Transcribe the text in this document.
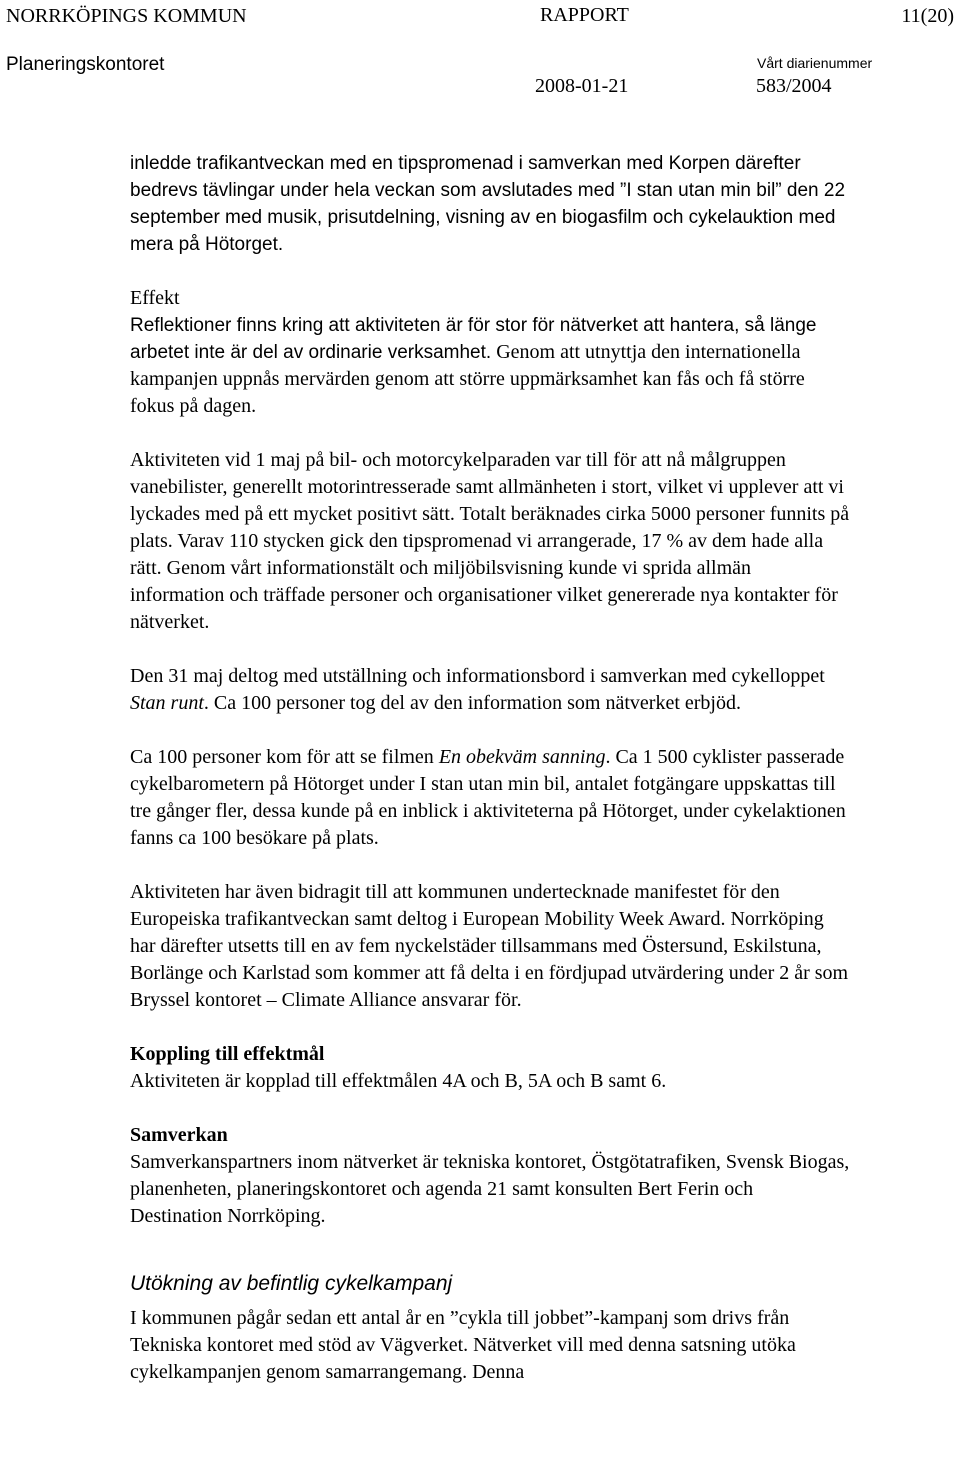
NORRKÖPINGS KOMMUN	RAPPORT	11(20)
Planeringskontoret	Vårt diarienummer
2008-01-21	583/2004

inledde trafikantveckan med en tipspromenad i samverkan med Korpen därefter bedrevs tävlingar under hela veckan som avslutades med ”I stan utan min bil” den 22 september med musik, prisutdelning, visning av en biogasfilm och cykelauktion med mera på Hötorget.

Effekt

Reflektioner finns kring att aktiviteten är för stor för nätverket att hantera, så länge arbetet inte är del av ordinarie verksamhet. Genom att utnyttja den internationella kampanjen uppnås mervärden genom att större uppmärksamhet kan fås och få större fokus på dagen.

Aktiviteten vid 1 maj på bil- och motorcykelparaden var till för att nå målgruppen vanebilister, generellt motorintresserade samt allmänheten i stort, vilket vi upplever att vi lyckades med på ett mycket positivt sätt. Totalt beräknades cirka 5000 personer funnits på plats. Varav 110 stycken gick den tipspromenad vi arrangerade, 17 % av dem hade alla rätt. Genom vårt informationstält och miljöbilsvisning kunde vi sprida allmän information och träffade personer och organisationer vilket genererade nya kontakter för nätverket.

Den 31 maj deltog med utställning och informationsbord i samverkan med cykelloppet Stan runt. Ca 100 personer tog del av den information som nätverket erbjöd.

Ca 100 personer kom för att se filmen En obekväm sanning. Ca 1 500 cyklister passerade cykelbarometern på Hötorget under I stan utan min bil, antalet fotgängare uppskattas till tre gånger fler, dessa kunde på en inblick i aktiviteterna på Hötorget, under cykelaktionen fanns ca 100 besökare på plats.

Aktiviteten har även bidragit till att kommunen undertecknade manifestet för den Europeiska trafikantveckan samt deltog i European Mobility Week Award. Norrköping har därefter utsetts till en av fem nyckelstäder tillsammans med Östersund, Eskilstuna, Borlänge och Karlstad som kommer att få delta i en fördjupad utvärdering under 2 år som Bryssel kontoret – Climate Alliance ansvarar för.

Koppling till effektmål

Aktiviteten är kopplad till effektmålen 4A och B, 5A och B samt 6.

Samverkan

Samverkanspartners inom nätverket är tekniska kontoret, Östgötatrafiken, Svensk Biogas, planenheten, planeringskontoret och agenda 21 samt konsulten Bert Ferin och Destination Norrköping.

Utökning av befintlig cykelkampanj

I kommunen pågår sedan ett antal år en ”cykla till jobbet”-kampanj som drivs från Tekniska kontoret med stöd av Vägverket. Nätverket vill med denna satsning utöka cykelkampanjen genom samarrangemang. Denna
